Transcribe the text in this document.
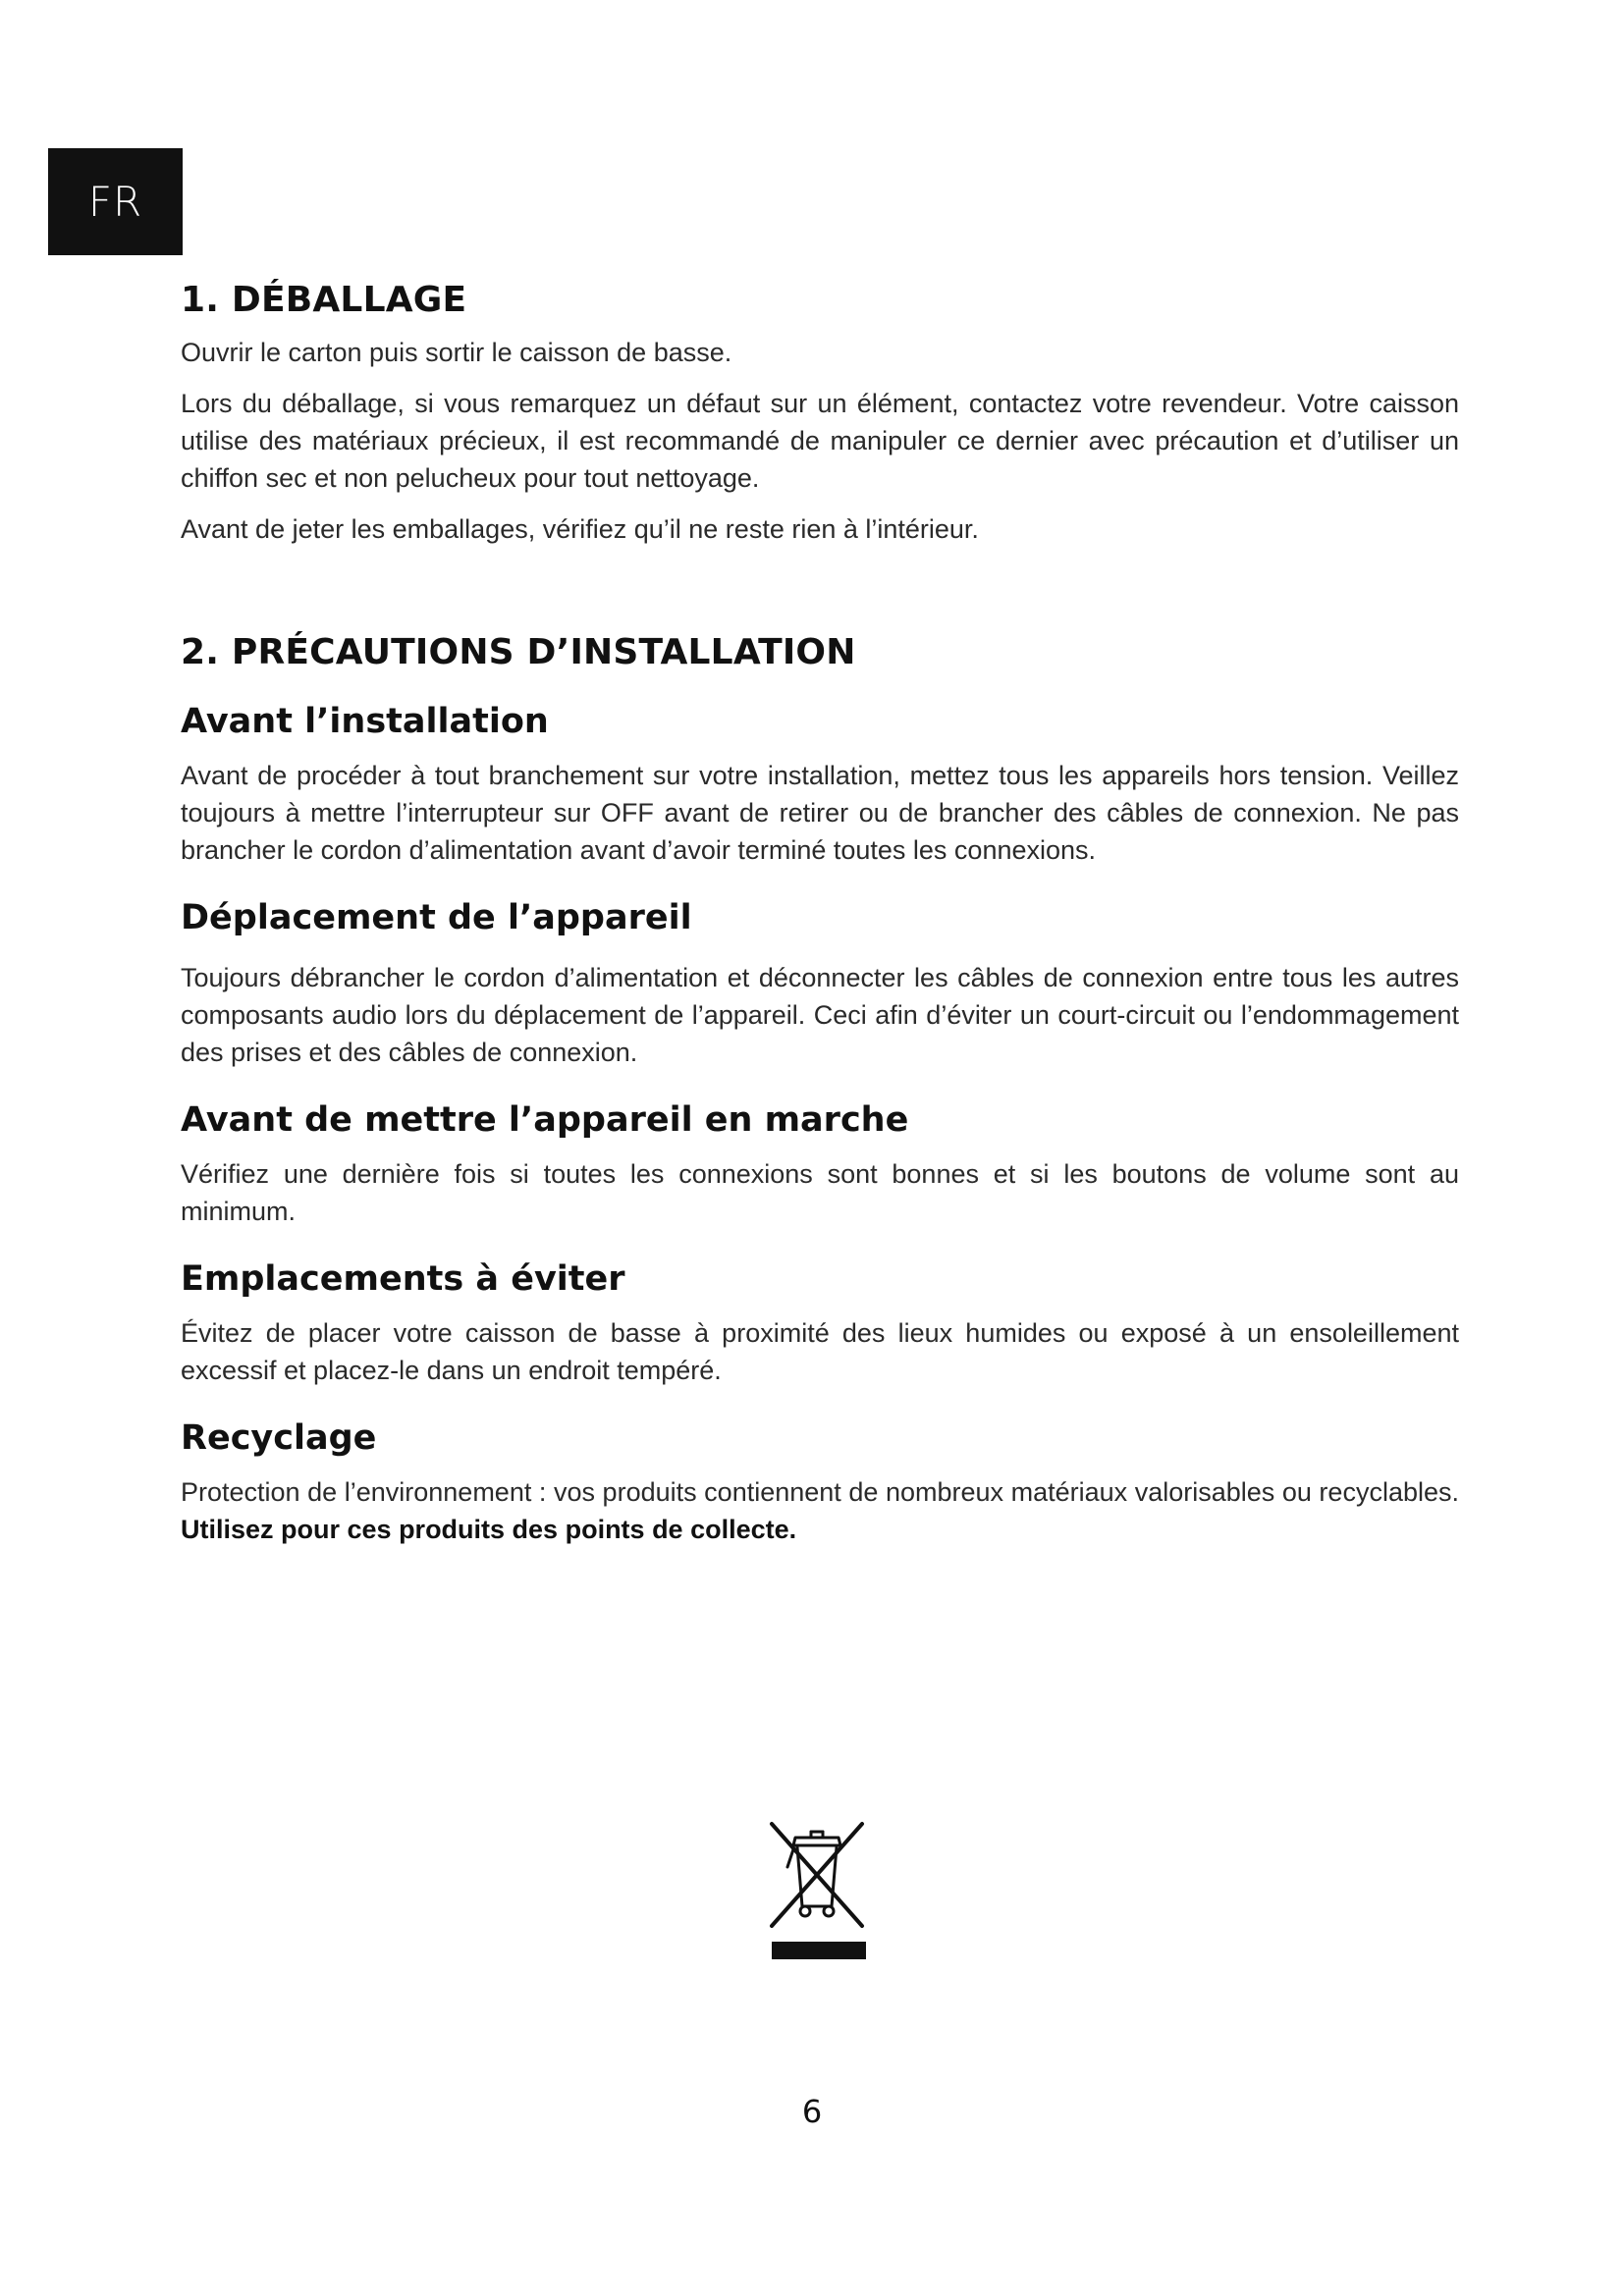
FR
1. DÉBALLAGE

Ouvrir le carton puis sortir le caisson de basse.

Lors du déballage, si vous remarquez un défaut sur un élément, contactez votre revendeur. Votre caisson utilise des matériaux précieux, il est recommandé de manipuler ce dernier avec précaution et d’utiliser un chiffon sec et non pelucheux pour tout nettoyage.

Avant de jeter les emballages, vérifiez qu’il ne reste rien à l’intérieur.

2. PRÉCAUTIONS D’INSTALLATION
Avant l’installation

Avant de procéder à tout branchement sur votre installation, mettez tous les appareils hors tension. Veillez toujours à mettre l’interrupteur sur OFF avant de retirer ou de brancher des câbles de connexion. Ne pas brancher le cordon d’alimentation avant d’avoir terminé toutes les connexions.

Déplacement de l’appareil

Toujours débrancher le cordon d’alimentation et déconnecter les câbles de connexion entre tous les autres composants audio lors du déplacement de l’appareil. Ceci afin d’éviter un court-circuit ou l’endommagement des prises et des câbles de connexion.

Avant de mettre l’appareil en marche

Vérifiez une dernière fois si toutes les connexions sont bonnes et si les boutons de volume sont au minimum.

Emplacements à éviter

Évitez de placer votre caisson de basse à proximité des lieux humides ou exposé à un ensoleillement excessif et placez-le dans un endroit tempéré.

Recyclage

Protection de l’environnement : vos produits contiennent de nombreux matériaux valorisables ou recyclables. Utilisez pour ces produits des points de collecte.

6
